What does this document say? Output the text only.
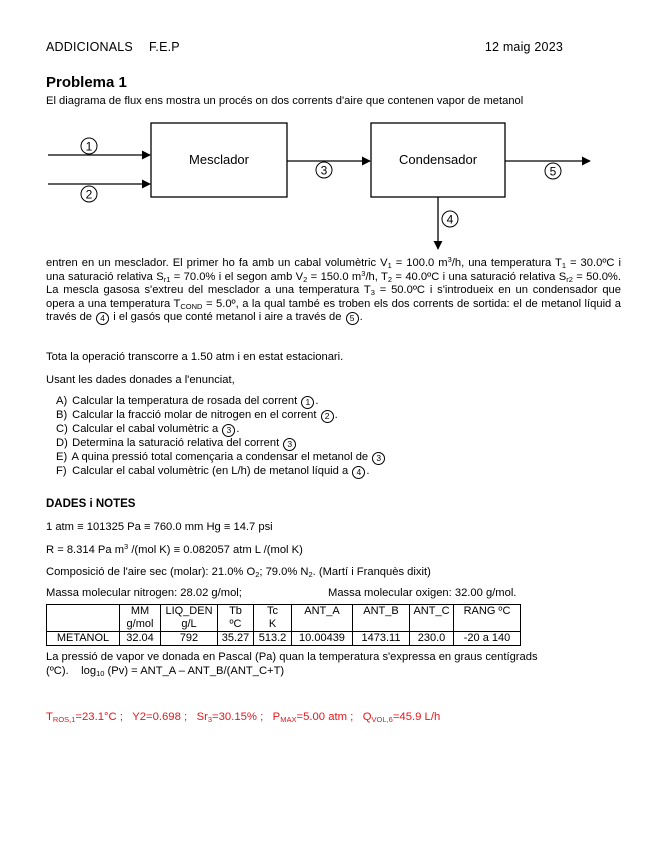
ADDICIONALS F.E.P	12 maig 2023
Problema 1
El diagrama de flux ens mostra un procés on dos corrents d'aire que contenen vapor de metanol
1
2
Mesclador
3
Condensador
5
4
entren en un mesclador. El primer ho fa amb un cabal volumètric $V_1 = 100.0$ $m^3/h$, una temperatura $T_1$ = 30.0ºC i una saturació relativa $S_{r1} = 70.0\%$ i el segon amb $V_2 = 150.0$ $m^3/h$, $T_2$ = 40.0ºC i una saturació relativa $S_{r2} = 50.0\%$. La mescla gasosa s'extreu del mesclador a una temperatura $T_3$ = 50.0ºC i s'introdueix en un condensador que opera a una temperatura $T_{COND}$ = 5.0º, a la qual també es troben els dos corrents de sortida: el de metanol líquid a través de 4 i el gasós que conté metanol i aire a través de 5 .
Tota la operació transcorre a 1.50 atm i en estat estacionari.
Usant les dades donades a l'enunciat,
A) Calcular la temperatura de rosada del corrent 1 .
B) Calcular la fracció molar de nitrogen en el corrent 2 .
C) Calcular el cabal volumètric a 3 .
D) Determina la saturació relativa del corrent 3
E) A quina pressió total començaria a condensar el metanol de 3
F) Calcular el cabal volumètric (en L/h) de metanol líquid a 4 .
DADES i NOTES
1 atm ≡ 101325 Pa ≡ 760.0 mm Hg ≡ 14.7 psi
R = 8.314 Pa $m^3$ /(mol K) ≡ 0.082057 atm L /(mol K)
Composició de l'aire sec (molar): 21.0% $O_2$; 79.0% $N_2$. (Martí i Franquès dixit)
Massa molecular nitrogen: 28.02 g/mol;	Massa molecular oxigen: 32.00 g/mol.
	MM	LIQ_DEN	Tb	Tc	ANT_A	ANT_B	ANT_C	RANG ºC
	g/mol	g/L	ºC	K				
METANOL	32.04	792	35.27	513.2	10.00439	1473.11	230.0	-20 a 140
La pressió de vapor ve donada en Pascal (Pa) quan la temperatura s'expressa en graus centígrads
(ºC). $\log_{10} (Pv)$ = ANT_A – ANT_B/(ANT_C+T)
TROS,1=23.1°C ; Y2=0.698 ; Sr3=30.15% ; PMAX=5.00 atm ; QVOL,6=45.9 L/h
